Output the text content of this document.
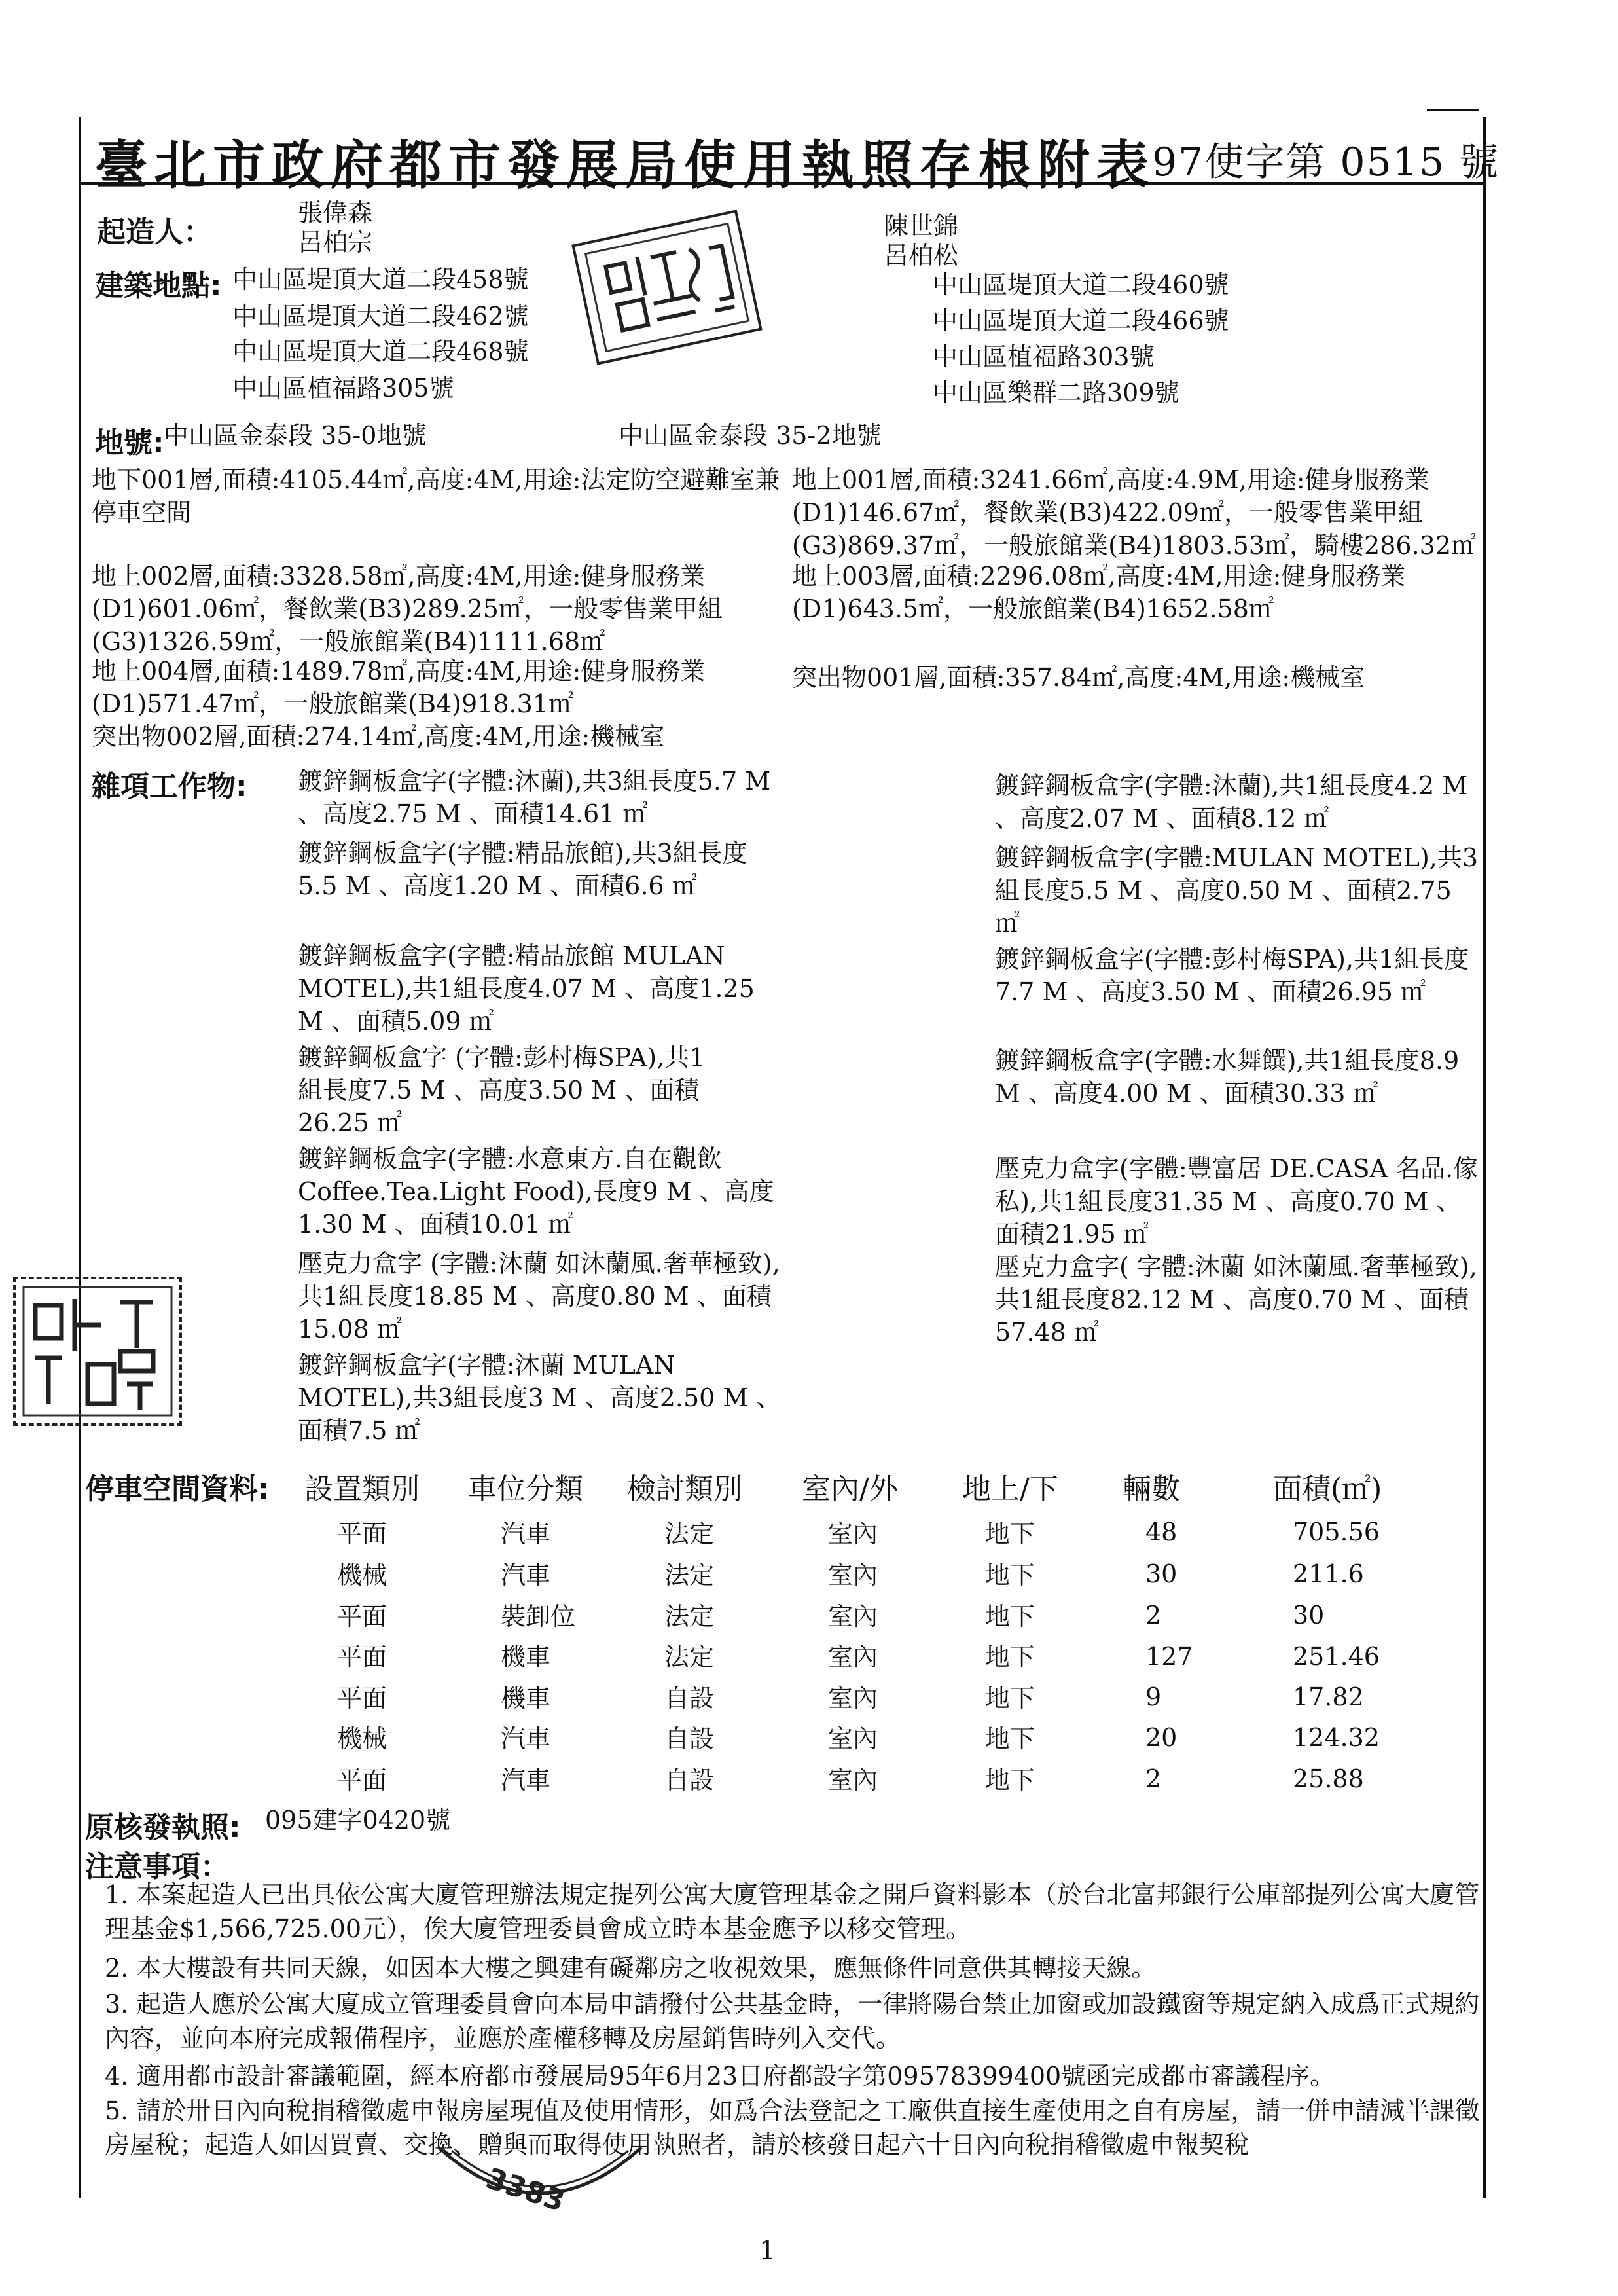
臺北市政府都市發展局使用執照存根附表
97使字第 0515 號
起造人：
張偉森
呂柏宗
陳世錦
呂柏松
建築地點: 中山區堤頂大道二段458號
中山區堤頂大道二段462號
中山區堤頂大道二段468號
中山區植福路305號
中山區堤頂大道二段460號
中山區堤頂大道二段466號
中山區植福路303號
中山區樂群二路309號
地號: 中山區金泰段 35-0地號	中山區金泰段 35-2地號
地下001層,面積:4105.44㎡,高度:4M,用途:法定防空避難室兼停車空間
地上001層,面積:3241.66㎡,高度:4.9M,用途:健身服務業(D1)146.67㎡，餐飲業(B3)422.09㎡，一般零售業甲組(G3)869.37㎡，一般旅館業(B4)1803.53㎡，騎樓286.32㎡
地上002層,面積:3328.58㎡,高度:4M,用途:健身服務業(D1)601.06㎡，餐飲業(B3)289.25㎡，一般零售業甲組(G3)1326.59㎡，一般旅館業(B4)1111.68㎡
地上003層,面積:2296.08㎡,高度:4M,用途:健身服務業(D1)643.5㎡，一般旅館業(B4)1652.58㎡
地上004層,面積:1489.78㎡,高度:4M,用途:健身服務業(D1)571.47㎡，一般旅館業(B4)918.31㎡
突出物001層,面積:357.84㎡,高度:4M,用途:機械室
突出物002層,面積:274.14㎡,高度:4M,用途:機械室
雜項工作物: 鍍鋅鋼板盒字(字體:沐蘭),共3組長度5.7 M 、高度2.75 M 、面積14.61 ㎡
鍍鋅鋼板盒字(字體:精品旅館),共3組長度5.5 M 、高度1.20 M 、面積6.6 ㎡
鍍鋅鋼板盒字(字體:精品旅館 MULAN MOTEL),共1組長度4.07 M 、高度1.25 M 、面積5.09 ㎡
鍍鋅鋼板盒字 (字體:彭村梅SPA),共1組長度7.5 M 、高度3.50 M 、面積26.25 ㎡
鍍鋅鋼板盒字(字體:水意東方.自在觀飲Coffee.Tea.Light Food),長度9 M 、高度1.30 M 、面積10.01 ㎡
壓克力盒字 (字體:沐蘭 如沐蘭風.奢華極致),共1組長度18.85 M 、高度0.80 M 、面積15.08 ㎡
鍍鋅鋼板盒字(字體:沐蘭 MULAN MOTEL),共3組長度3 M 、高度2.50 M 、面積7.5 ㎡
鍍鋅鋼板盒字(字體:沐蘭),共1組長度4.2 M 、高度2.07 M 、面積8.12 ㎡
鍍鋅鋼板盒字(字體:MULAN MOTEL),共3組長度5.5 M 、高度0.50 M 、面積2.75 ㎡
鍍鋅鋼板盒字(字體:彭村梅SPA),共1組長度7.7 M 、高度3.50 M 、面積26.95 ㎡
鍍鋅鋼板盒字(字體:水舞饌),共1組長度8.9 M 、高度4.00 M 、面積30.33 ㎡
壓克力盒字(字體:豐富居 DE.CASA 名品.傢私),共1組長度31.35 M 、高度0.70 M 、面積21.95 ㎡
壓克力盒字( 字體:沐蘭 如沐蘭風.奢華極致),共1組長度82.12 M 、高度0.70 M 、面積57.48 ㎡
停車空間資料: 設置類別 車位分類 檢討類別 室內/外 地上/下 輛數	面積(㎡)
平面	汽車	法定	室內	地下	48	705.56
機械	汽車	法定	室內	地下	30	211.6
平面	裝卸位	法定	室內	地下	2	30
平面	機車	法定	室內	地下	127	251.46
平面	機車	自設	室內	地下	9	17.82
機械	汽車	自設	室內	地下	20	124.32
平面	汽車	自設	室內	地下	2	25.88
原核發執照: 095建字0420號
注意事項：
1. 本案起造人已出具依公寓大廈管理辦法規定提列公寓大廈管理基金之開戶資料影本（於台北富邦銀行公庫部提列公寓大廈管理基金$1,566,725.00元），俟大廈管理委員會成立時本基金應予以移交管理。
2. 本大樓設有共同天線，如因本大樓之興建有礙鄰房之收視效果，應無條件同意供其轉接天線。
3. 起造人應於公寓大廈成立管理委員會向本局申請撥付公共基金時，一律將陽台禁止加窗或加設鐵窗等規定納入成爲正式規約內容，並向本府完成報備程序，並應於產權移轉及房屋銷售時列入交代。
4. 適用都市設計審議範圍，經本府都市發展局95年6月23日府都設字第09578399400號函完成都市審議程序。
5. 請於卅日內向稅捐稽徵處申報房屋現值及使用情形，如爲合法登記之工廠供直接生產使用之自有房屋，請一併申請減半課徵房屋稅；起造人如因買賣、交換、贈與而取得使用執照者，請於核發日起六十日內向稅捐稽徵處申報契稅
3383
1
